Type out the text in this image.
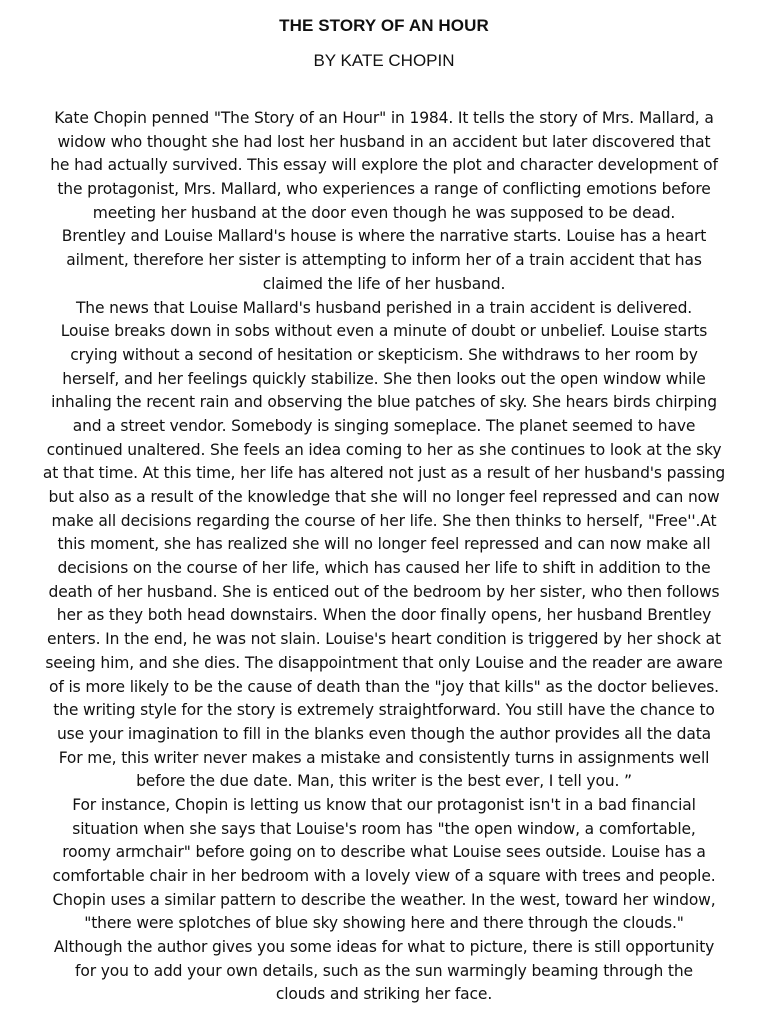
THE STORY OF AN HOUR
BY KATE CHOPIN
Kate Chopin penned "The Story of an Hour" in 1984. It tells the story of Mrs. Mallard, a
widow who thought she had lost her husband in an accident but later discovered that
he had actually survived. This essay will explore the plot and character development of
the protagonist, Mrs. Mallard, who experiences a range of conflicting emotions before
meeting her husband at the door even though he was supposed to be dead.
Brentley and Louise Mallard's house is where the narrative starts. Louise has a heart
ailment, therefore her sister is attempting to inform her of a train accident that has
claimed the life of her husband.
The news that Louise Mallard's husband perished in a train accident is delivered.
Louise breaks down in sobs without even a minute of doubt or unbelief. Louise starts
crying without a second of hesitation or skepticism. She withdraws to her room by
herself, and her feelings quickly stabilize. She then looks out the open window while
inhaling the recent rain and observing the blue patches of sky. She hears birds chirping
and a street vendor. Somebody is singing someplace. The planet seemed to have
continued unaltered. She feels an idea coming to her as she continues to look at the sky
at that time. At this time, her life has altered not just as a result of her husband's passing
but also as a result of the knowledge that she will no longer feel repressed and can now
make all decisions regarding the course of her life. She then thinks to herself, "Free''.At
this moment, she has realized she will no longer feel repressed and can now make all
decisions on the course of her life, which has caused her life to shift in addition to the
death of her husband. She is enticed out of the bedroom by her sister, who then follows
her as they both head downstairs. When the door finally opens, her husband Brentley
enters. In the end, he was not slain. Louise's heart condition is triggered by her shock at
seeing him, and she dies. The disappointment that only Louise and the reader are aware
of is more likely to be the cause of death than the "joy that kills" as the doctor believes.
the writing style for the story is extremely straightforward. You still have the chance to
use your imagination to fill in the blanks even though the author provides all the data
For me, this writer never makes a mistake and consistently turns in assignments well
before the due date. Man, this writer is the best ever, I tell you. ”
For instance, Chopin is letting us know that our protagonist isn't in a bad financial
situation when she says that Louise's room has "the open window, a comfortable,
roomy armchair" before going on to describe what Louise sees outside. Louise has a
comfortable chair in her bedroom with a lovely view of a square with trees and people.
Chopin uses a similar pattern to describe the weather. In the west, toward her window,
"there were splotches of blue sky showing here and there through the clouds."
Although the author gives you some ideas for what to picture, there is still opportunity
for you to add your own details, such as the sun warmingly beaming through the
clouds and striking her face.
